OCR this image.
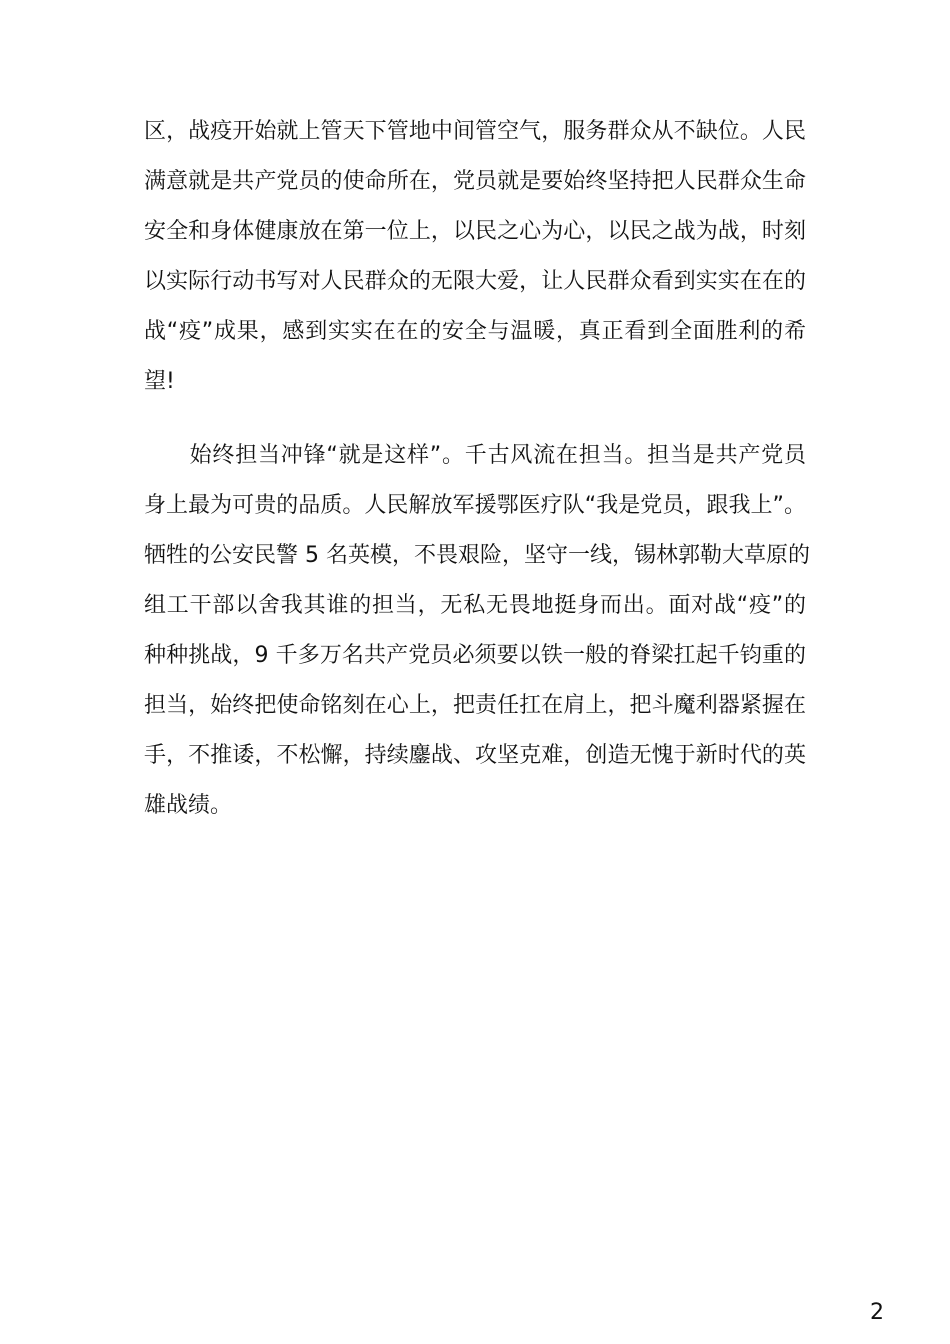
区，战疫开始就上管天下管地中间管空气，服务群众从不缺位。人民
满意就是共产党员的使命所在，党员就是要始终坚持把人民群众生命
安全和身体健康放在第一位上，以民之心为心，以民之战为战，时刻
以实际行动书写对人民群众的无限大爱，让人民群众看到实实在在的
战“疫”成果，感到实实在在的安全与温暖，真正看到全面胜利的希
望!
　　始终担当冲锋“就是这样”。千古风流在担当。担当是共产党员
身上最为可贵的品质。人民解放军援鄂医疗队“我是党员，跟我上”。
牺牲的公安民警 5 名英模，不畏艰险，坚守一线，锡林郭勒大草原的
组工干部以舍我其谁的担当，无私无畏地挺身而出。面对战“疫”的
种种挑战，9 千多万名共产党员必须要以铁一般的脊梁扛起千钧重的
担当，始终把使命铭刻在心上，把责任扛在肩上，把斗魔利器紧握在
手，不推诿，不松懈，持续鏖战、攻坚克难，创造无愧于新时代的英
雄战绩。
2
